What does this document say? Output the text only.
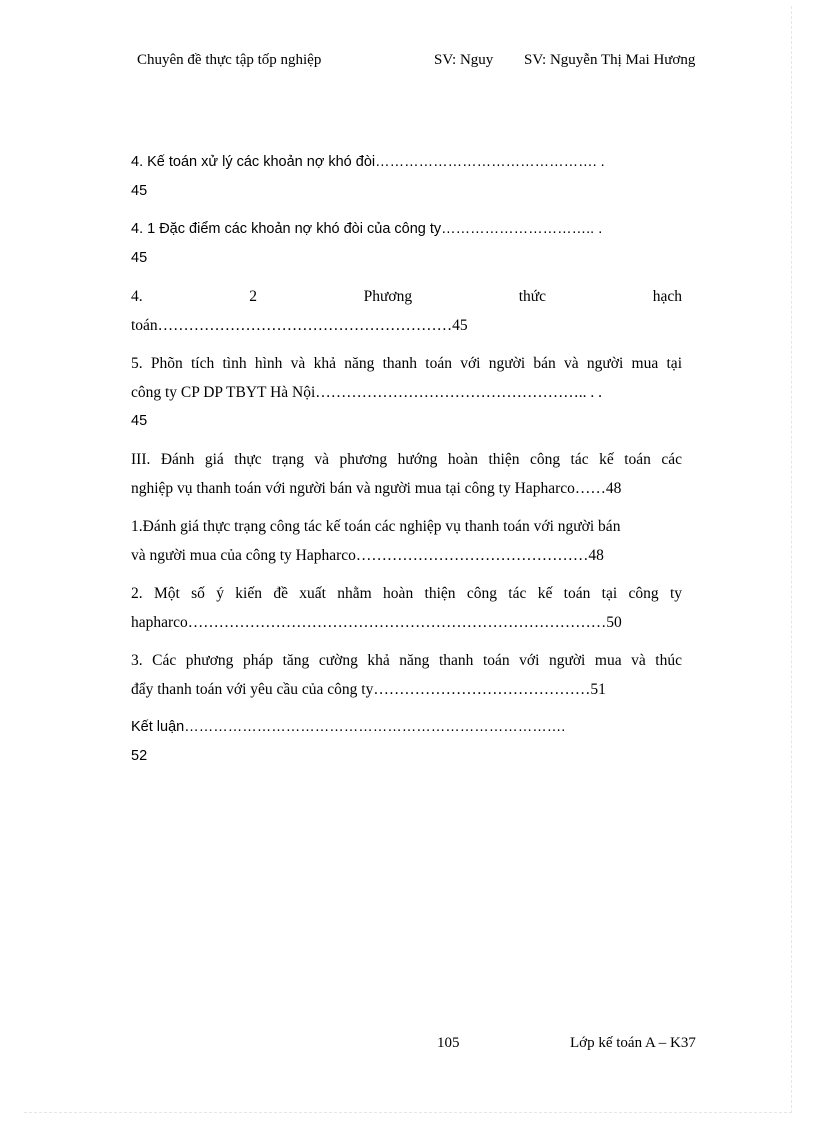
Chuyên đề thực tập tốp nghiệp	SV: Nguy SV: Nguyễn Thị Mai Hương
4. Kế toán xử lý các khoản nợ khó đòi………………………………………. .
45
4. 1 Đặc điểm các khoản nợ khó đòi của công ty………………………….. .
45
4.	2	Phương	thức	hạch
toán…………………………………………………45
5. Phõn tích tình hình và khả năng thanh toán với người bán và người mua tại
công ty CP DP TBYT Hà Nội…………………………………………….. . .
45
III. Đánh giá thực trạng và phương hướng hoàn thiện công tác kế toán các
nghiệp vụ thanh toán với người bán và người mua tại công ty Hapharco……48
1.Đánh giá thực trạng công tác kế toán các nghiệp vụ thanh toán với người bán
và người mua của công ty Hapharco………………………………………48
2. Một số ý kiến đề xuất nhằm hoàn thiện công tác kế toán tại công ty
hapharco………………………………………………………………………50
3. Các phương pháp tăng cường khả năng thanh toán với người mua và thúc
đẩy thanh toán với yêu cầu của công ty……………………………………51
Kết luận…………………………………………………………………….
52
105	Lớp kế toán A – K37
